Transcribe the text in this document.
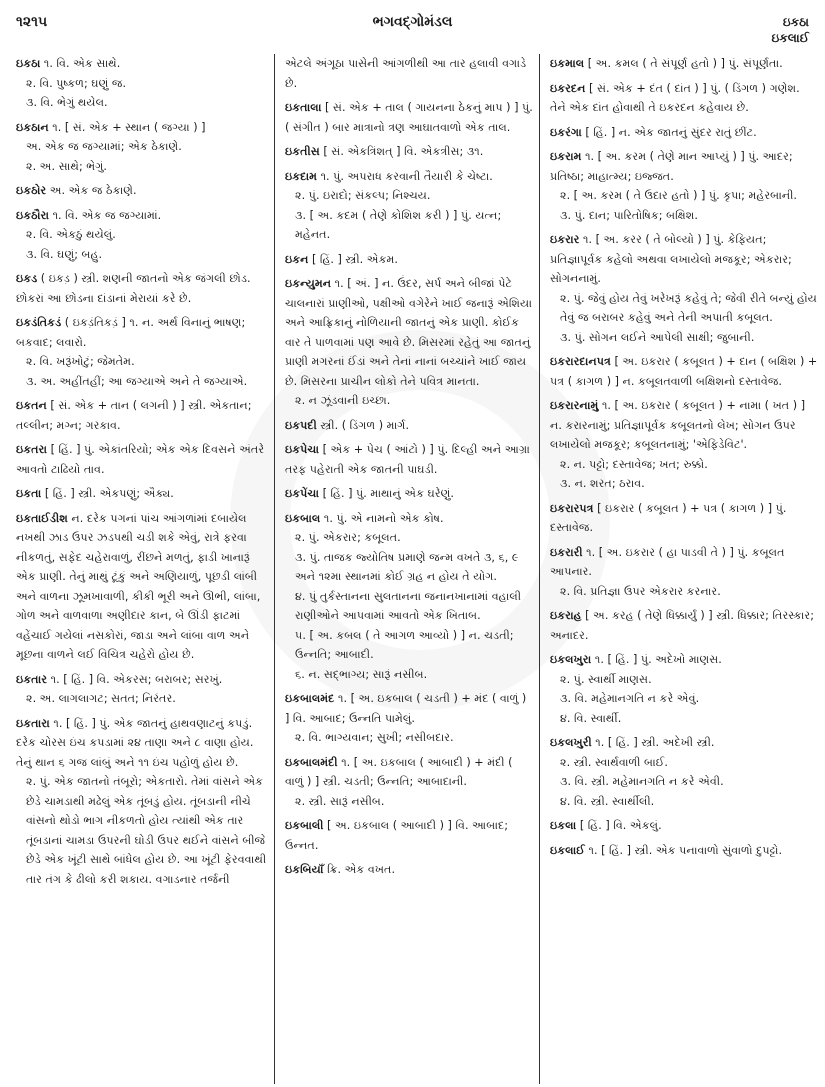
૧૨૧૫	ભગવદ્ગોમંડલ	ઇકઠા
ઇકલાઈ
ઇકઠા ૧. વિ. એક સાથે.
૨. વિ. પુષ્કળ; ઘણું જ.
૩. વિ. ભેગું થયેલ.
ઇકઠાન ૧. [ સં. એક + સ્થાન ( જગ્યા ) ]
અ. એક જ જગ્યામાં; એક ઠેકાણે.
૨. અ. સાથે; ભેગું.
ઇકઠોર અ. એક જ ઠેકાણે.
ઇકઠૌરા ૧. વિ. એક જ જગ્યામાં.
૨. વિ. એકઠું થયેલું.
૩. વિ. ઘણું; બહુ.
ઇકડ ( ઇકડ઼ ) સ્ત્રી. શણની જાતનો એક જંગલી છોડ. છોકરાં આ છોડના દાંડાનાં મેરાયાં કરે છે.
ઇકડંતિકડં ( ઇકડ઼ંતિકડ઼ં ] ૧. ન. અર્થ વિનાનું ભાષણ; બકવાદ; લવારો.
૨. વિ. ખરૂંખોટું; જેમતેમ.
૩. અ. અહીંતહીં; આ જગ્યાએ અને તે જગ્યાએ.
ઇકતન [ સં. એક + તાન ( લગની ) ] સ્ત્રી. એકતાન; તલ્લીન; મગ્ન; ગરકાવ.
ઇકતરા [ હિં. ] પું. એકાંતરિયો; એક એક દિવસને અંતરે આવતો ટાઢિયો તાવ.
ઇકતા [ હિં. ] સ્ત્રી. એકપણું; ઐક્ય.
ઇકતાઈડીશ ન. દરેક પગનાં પાંચ આંગળાંમાં દબાયેલ નખથી ઝાડ ઉપર ઝડપથી ચડી શકે એવું, રાત્રે ફરવા નીકળતું, સફેદ ચહેરાવાળું, રીંછને મળતું, ફાડી ખાનારૂં એક પ્રાણી. તેનું માથું ટૂંકું અને અણિયાળું, પૂછડી લાંબી અને વાળના ઝૂમખાવાળી, કીકી ભૂરી અને ઊભી, લાંબા, ગોળ અને વાળવાળા અણીદાર કાન, બે ઊંડી ફાટમાં વહેંચાઈ ગયેલાં નસકોરાં, જાડા અને લાંબા વાળ અને મૂછના વાળને લઈ વિચિત્ર ચહેરો હોય છે.
ઇકતાર ૧. [ હિં. ] વિ. એકરસ; બરાબર; સરખું.
૨. અ. લાગલાગટ; સતત; નિરંતર.
ઇકતારા ૧. [ હિં. ] પું. એક જાતનું હાથવણાટનું કપડું. દરેક ચોરસ ઇંચ કપડામાં ૨૪ તાણા અને ૮ વાણા હોય. તેનું થાન ૬ ગજ લાંબું અને ૧૧ ઇંચ પહોળું હોય છે.
૨. પું. એક જાતનો તંબૂરો; એકતારો. તેમાં વાંસને એક છેડે ચામડાથી મઢેલું એક તૂંબડું હોય. તૂંબડાની નીચે વાંસનો થોડો ભાગ નીકળતો હોય ત્યાંથી એક તાર તૂંબડાનાં ચામડા ઉપરની ઘોડી ઉપર થઈને વાંસને બીજે છેડે એક ખૂંટી સાથે બાંધેલ હોય છે. આ ખૂંટી ફેરવવાથી તાર તંગ કે ઢીલો કરી શકાય. વગાડનાર તર્જની
એટલે અંગૂઠા પાસેની આંગળીથી આ તાર હલાવી વગાડે છે.
ઇકતાલા [ સં. એક + તાલ ( ગાયનના ઠેકનું માપ ) ] પું. ( સંગીત ) બાર માત્રાનો ત્રણ આઘાતવાળો એક તાલ.
ઇકતીસ [ સં. એકત્રિંશત્ ] વિ. એકત્રીસ; ૩૧.
ઇકદામ ૧. પું. અપરાધ કરવાની તૈયારી કે ચેષ્ટા.
૨. પું. ઇરાદો; સંકલ્પ; નિશ્ચય.
૩. [ અ. કદમ ( તેણે કોશિશ કરી ) ] પું. યત્ન; મહેનત.
ઇકન [ હિં. ] સ્ત્રી. એકમ.
ઇકન્યુમન ૧. [ અં. ] ન. ઉંદર, સર્પ અને બીજાં પેટે ચાલનારાં પ્રાણીઓ, પક્ષીઓ વગેરેને ખાઈ જનારૂં એશિયા અને આફ્રિકાનું નોળિયાની જાતનું એક પ્રાણી. કોઈક વાર તે પાળવામાં પણ આવે છે. મિસરમાં રહેતું આ જાતનું પ્રાણી મગરનાં ઈંડાં અને તેનાં નાનાં બચ્ચાંને ખાઈ જાય છે. મિસરના પ્રાચીન લોકો તેને પવિત્ર માનતા.
૨. ન ઝૂંડવાની ઇચ્છા.
ઇકપદી સ્ત્રી. ( ડિંગળ ) માર્ગ.
ઇકપેચા [ એક + પેચ ( આંટો ) ] પું. દિલ્હી અને આગ્રા તરફ પહેરાતી એક જાતની પાઘડી.
ઇકપેંચા [ હિં. ] પું. માથાનું એક ઘરેણું.
ઇકબાલ ૧. પું. એ નામનો એક કોષ.
૨. પું. એકરાર; કબૂલત.
૩. પું. તાજક જ્યોતિષ પ્રમાણે જન્મ વખતે ૩, ૬, ૯ અને ૧૨મા સ્થાનમાં કોઈ ગ્રહ ન હોય તે યોગ.
૪. પું તુર્કસ્તાનના સુલતાનના જનાનખાનામાં વહાલી રાણીઓને આપવામાં આવતો એક ખિતાબ.
૫. [ અ. કબલ ( તે આગળ આવ્યો ) ] ન. ચડતી; ઉન્નતિ; આબાદી.
૬. ન. સદ્ભાગ્ય; સારૂં નસીબ.
ઇકબાલમંદ ૧. [ અ. ઇકબાલ ( ચડતી ) + મંદ ( વાળું ) ] વિ. આબાદ; ઉન્નતિ પામેલું.
૨. વિ. ભાગ્યવાન; સુખી; નસીબદાર.
ઇકબાલમંદી ૧. [ અ. ઇકબાલ ( આબાદી ) + મંદી ( વાળું ) ] સ્ત્રી. ચડતી; ઉન્નતિ; આબાદાની.
૨. સ્ત્રી. સારૂં નસીબ.
ઇકબાલી [ અ. ઇકબાલ ( આબાદી ) ] વિ. આબાદ; ઉન્નત.
ઇકબિયાઁ ક્રિ. એક વખત.
ઇકમાલ [ અ. કમલ ( તે સંપૂર્ણ હતો ) ] પું. સંપૂર્ણતા.
ઇકરદન [ સં. એક + દંત ( દાંત ) ] પું. ( ડિંગળ ) ગણેશ. તેને એક દાંત હોવાથી તે ઇકરદન કહેવાય છે.
ઇકરંગા [ હિં. ] ન. એક જાતનું સુંદર રાતું છીંટ.
ઇકરામ ૧. [ અ. કરમ ( તેણે માન આપ્યું ) ] પું. આદર; પ્રતિષ્ઠા; માહાત્મ્ય; ઇજ્જત.
૨. [ અ. કરમ ( તે ઉદાર હતો ) ] પું. કૃપા; મહેરબાની.
૩. પું. દાન; પારિતોષિક; બક્ષિશ.
ઇકરાર ૧. [ અ. કરર ( તે બોલ્યો ) ] પું. કેફિયત; પ્રતિજ્ઞાપૂર્વક કહેલો અથવા લખાયેલો મજકૂર; એકરાર; સોગનનામું.
૨. પું. જેવું હોય તેવું ખરેખરૂં કહેવું તે; જેવી રીતે બન્યું હોય તેવું જ બરાબર કહેવું અને તેની અપાતી કબૂલત.
૩. પું. સોગન લઈને આપેલી સાક્ષી; જુબાની.
ઇકરારદાનપત્ર [ અ. ઇકરાર ( કબૂલત ) + દાન ( બક્ષિશ ) + પત્ર ( કાગળ ) ] ન. કબૂલતવાળી બક્ષિશનો દસ્તાવેજ.
ઇકરારનામું ૧. [ અ. ઇકરાર ( કબૂલત ) + નામા ( ખત ) ] ન. કરારનામું; પ્રતિજ્ઞાપૂર્વક કબૂલતનો લેખ; સોગન ઉપર લખાયેલો મજકૂર; કબૂલતનામું; 'એફિડેવિટ'.
૨. ન. પટ્ટો; દસ્તાવેજ; ખત; રુક્કો.
૩. ન. શરત; ઠરાવ.
ઇકરારપત્ર [ ઇકરાર ( કબૂલત ) + પત્ર ( કાગળ ) ] પું. દસ્તાવેજ.
ઇકરારી ૧. [ અ. ઇકરાર ( હા પાડવી તે ) ] પું. કબૂલત આપનાર.
૨. વિ. પ્રતિજ્ઞા ઉપર એકરાર કરનાર.
ઇકરાહ [ અ. કરહ ( તેણે ધિક્કાર્યું ) ] સ્ત્રી. ધિક્કાર; તિરસ્કાર; અનાદર.
ઇકલખુરા ૧. [ હિં. ] પું. અદેખો માણસ.
૨. પું. સ્વાર્થી માણસ.
૩. વિ. મહેમાનગતિ ન કરે એવું.
૪. વિ. સ્વાર્થી.
ઇકલખુરી ૧. [ હિં. ] સ્ત્રી. અદેખી સ્ત્રી.
૨. સ્ત્રી. સ્વાર્થવાળી બાઈ.
૩. વિ. સ્ત્રી. મહેમાનગતિ ન કરે એવી.
૪. વિ. સ્ત્રી. સ્વાર્થીલી.
ઇકલા [ હિં. ] વિ. એકલું.
ઇકલાઈ ૧. [ હિં. ] સ્ત્રી. એક પનાવાળો સુંવાળો દુપટ્ટો.
